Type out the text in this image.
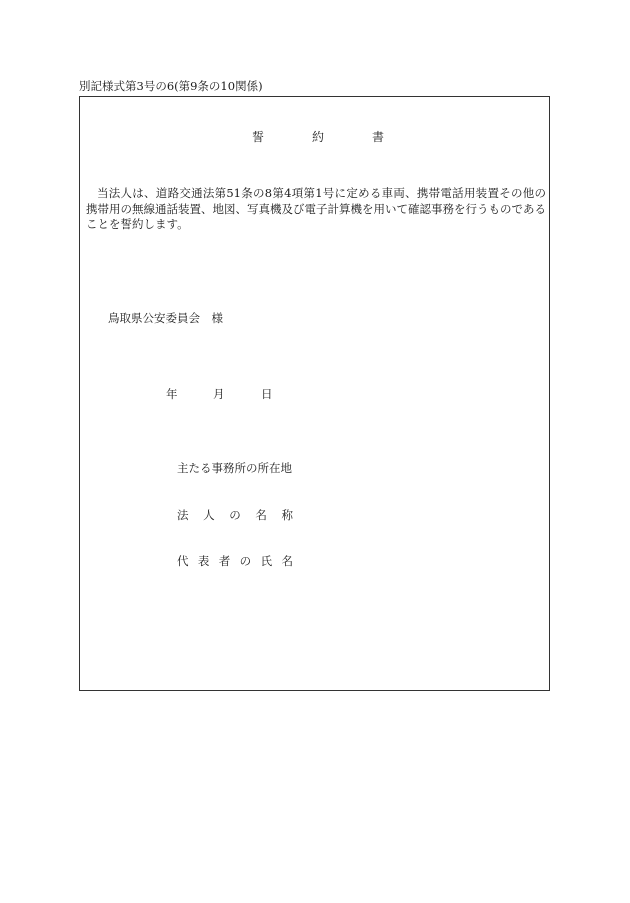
別記様式第3号の6(第9条の10関係)
誓	約	書

当法人は、道路交通法第51条の8第4項第1号に定める車両、携帯電話用装置その他の携帯用の無線通話装置、地図、写真機及び電子計算機を用いて確認事務を行うものであることを誓約します。

鳥取県公安委員会　様
年	月	日
主たる事務所の所在地
法 人 の 名 称
代 表 者 の 氏 名
